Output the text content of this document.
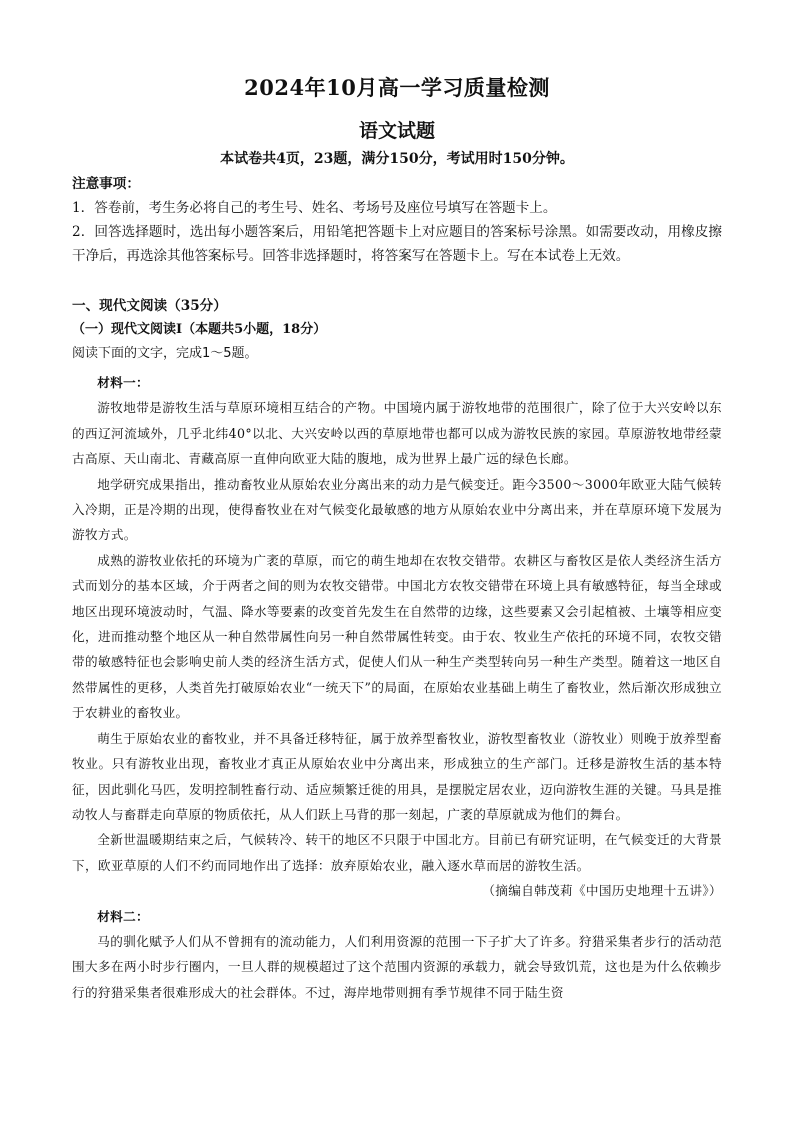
2024年10月高一学习质量检测
语文试题
本试卷共4页，23题，满分150分，考试用时150分钟。

注意事项：

1．答卷前，考生务必将自己的考生号、姓名、考场号及座位号填写在答题卡上。

2．回答选择题时，选出每小题答案后，用铅笔把答题卡上对应题目的答案标号涂黑。如需要改动，用橡皮擦干净后，再选涂其他答案标号。回答非选择题时，将答案写在答题卡上。写在本试卷上无效。

一、现代文阅读（35分）

（一）现代文阅读Ⅰ（本题共5小题，18分）

阅读下面的文字，完成1～5题。

材料一：

游牧地带是游牧生活与草原环境相互结合的产物。中国境内属于游牧地带的范围很广，除了位于大兴安岭以东的西辽河流域外，几乎北纬40°以北、大兴安岭以西的草原地带也都可以成为游牧民族的家园。草原游牧地带经蒙古高原、天山南北、青藏高原一直伸向欧亚大陆的腹地，成为世界上最广远的绿色长廊。

地学研究成果指出，推动畜牧业从原始农业分离出来的动力是气候变迁。距今3500～3000年欧亚大陆气候转入冷期，正是冷期的出现，使得畜牧业在对气候变化最敏感的地方从原始农业中分离出来，并在草原环境下发展为游牧方式。

成熟的游牧业依托的环境为广袤的草原，而它的萌生地却在农牧交错带。农耕区与畜牧区是依人类经济生活方式而划分的基本区域，介于两者之间的则为农牧交错带。中国北方农牧交错带在环境上具有敏感特征，每当全球或地区出现环境波动时，气温、降水等要素的改变首先发生在自然带的边缘，这些要素又会引起植被、土壤等相应变化，进而推动整个地区从一种自然带属性向另一种自然带属性转变。由于农、牧业生产依托的环境不同，农牧交错带的敏感特征也会影响史前人类的经济生活方式，促使人们从一种生产类型转向另一种生产类型。随着这一地区自然带属性的更移，人类首先打破原始农业“一统天下”的局面，在原始农业基础上萌生了畜牧业，然后渐次形成独立于农耕业的畜牧业。

萌生于原始农业的畜牧业，并不具备迁移特征，属于放养型畜牧业，游牧型畜牧业（游牧业）则晚于放养型畜牧业。只有游牧业出现，畜牧业才真正从原始农业中分离出来，形成独立的生产部门。迁移是游牧生活的基本特征，因此驯化马匹，发明控制牲畜行动、适应频繁迁徙的用具，是摆脱定居农业，迈向游牧生涯的关键。马具是推动牧人与畜群走向草原的物质依托，从人们跃上马背的那一刻起，广袤的草原就成为他们的舞台。

全新世温暖期结束之后，气候转冷、转干的地区不只限于中国北方。目前已有研究证明，在气候变迁的大背景下，欧亚草原的人们不约而同地作出了选择：放弃原始农业，融入逐水草而居的游牧生活。

（摘编自韩茂莉《中国历史地理十五讲》）

材料二：

马的驯化赋予人们从不曾拥有的流动能力，人们利用资源的范围一下子扩大了许多。狩猎采集者步行的活动范围大多在两小时步行圈内，一旦人群的规模超过了这个范围内资源的承载力，就会导致饥荒，这也是为什么依赖步行的狩猎采集者很难形成大的社会群体。不过，海岸地带则拥有季节规律不同于陆生资
